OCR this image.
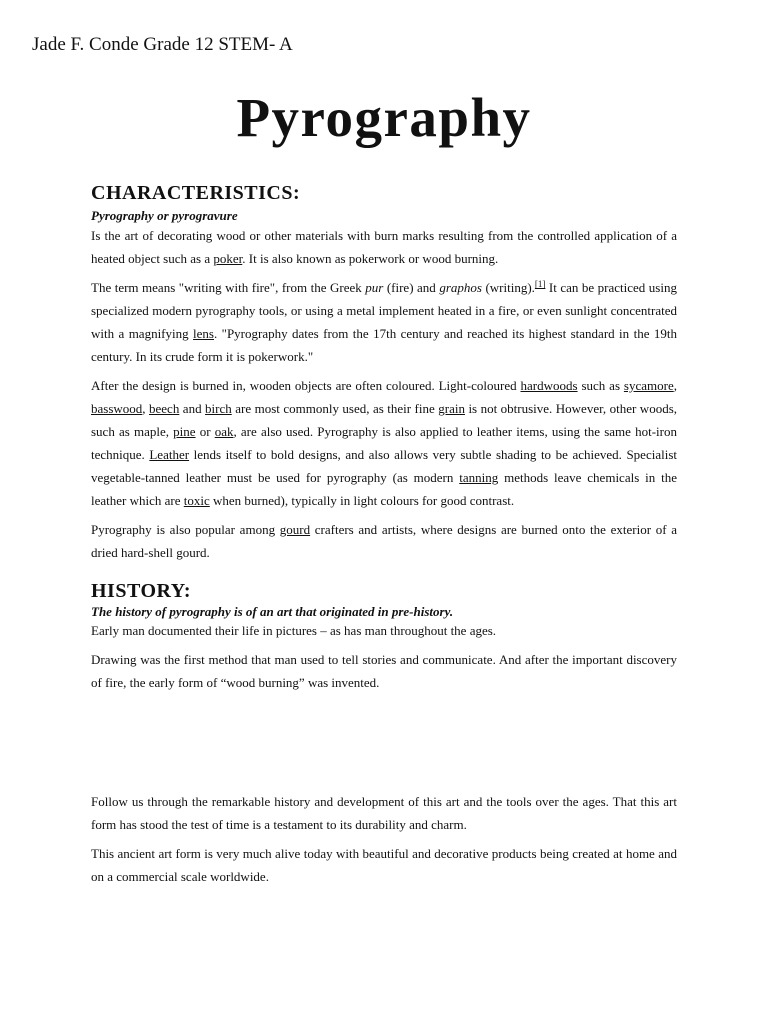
Jade F. Conde Grade 12 STEM- A
Pyrography
CHARACTERISTICS:
Pyrography or pyrogravure

Is the art of decorating wood or other materials with burn marks resulting from the controlled application of a heated object such as a poker. It is also known as pokerwork or wood burning.

The term means "writing with fire", from the Greek pur (fire) and graphos (writing).[1] It can be practiced using specialized modern pyrography tools, or using a metal implement heated in a fire, or even sunlight concentrated with a magnifying lens. "Pyrography dates from the 17th century and reached its highest standard in the 19th century. In its crude form it is pokerwork."

After the design is burned in, wooden objects are often coloured. Light-coloured hardwoods such as sycamore, basswood, beech and birch are most commonly used, as their fine grain is not obtrusive. However, other woods, such as maple, pine or oak, are also used. Pyrography is also applied to leather items, using the same hot-iron technique. Leather lends itself to bold designs, and also allows very subtle shading to be achieved. Specialist vegetable-tanned leather must be used for pyrography (as modern tanning methods leave chemicals in the leather which are toxic when burned), typically in light colours for good contrast.

Pyrography is also popular among gourd crafters and artists, where designs are burned onto the exterior of a dried hard-shell gourd.

HISTORY:
The history of pyrography is of an art that originated in pre-history.

Early man documented their life in pictures – as has man throughout the ages.

Drawing was the first method that man used to tell stories and communicate. And after the important discovery of fire, the early form of “wood burning” was invented.

Follow us through the remarkable history and development of this art and the tools over the ages. That this art form has stood the test of time is a testament to its durability and charm.

This ancient art form is very much alive today with beautiful and decorative products being created at home and on a commercial scale worldwide.
